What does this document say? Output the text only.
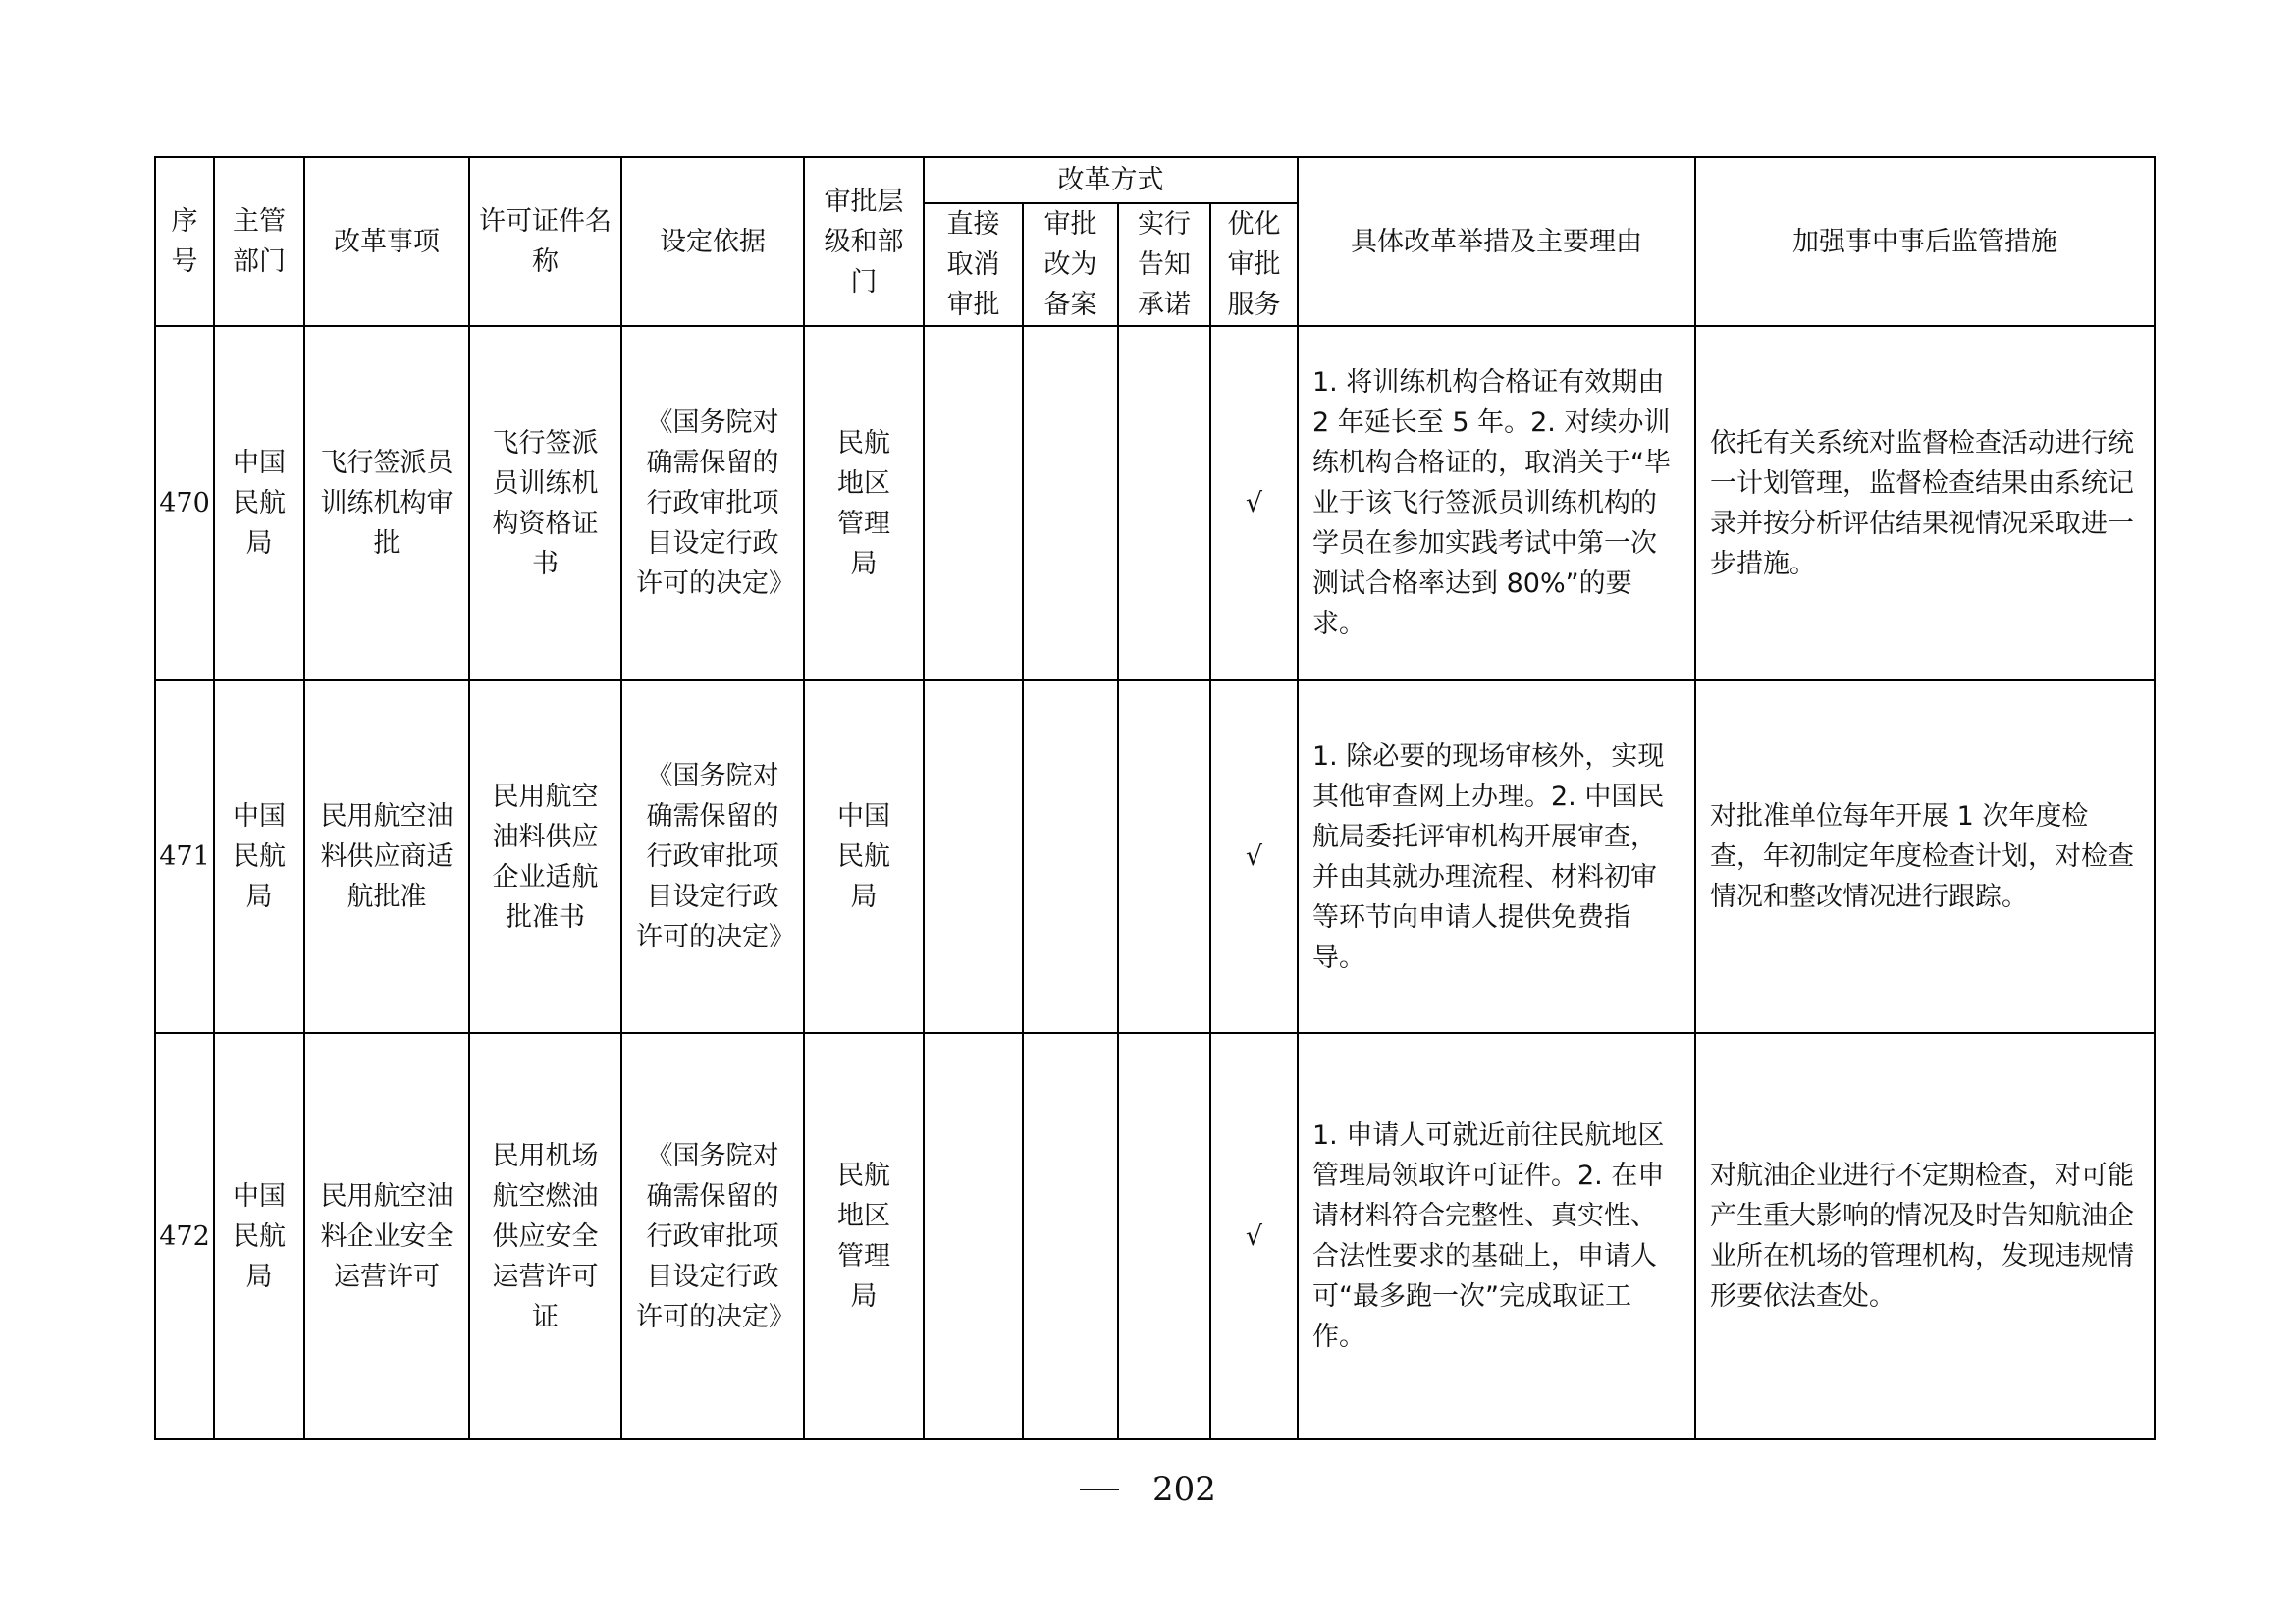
序号	主管部门	改革事项	许可证件名称	设定依据	审批层级和部门	改革方式				具体改革举措及主要理由	加强事中事后监管措施
						直接取消审批	审批改为备案	实行告知承诺	优化审批服务		
470	中国民航局	飞行签派员训练机构审批	飞行签派员训练机构资格证书	《国务院对确需保留的行政审批项目设定行政许可的决定》	民航地区管理局				√	1. 将训练机构合格证有效期由 2 年延长至 5 年。2. 对续办训练机构合格证的，取消关于“毕业于该飞行签派员训练机构的学员在参加实践考试中第一次测试合格率达到 80%”的要求。	依托有关系统对监督检查活动进行统一计划管理，监督检查结果由系统记录并按分析评估结果视情况采取进一步措施。
471	中国民航局	民用航空油料供应商适航批准	民用航空油料供应企业适航批准书	《国务院对确需保留的行政审批项目设定行政许可的决定》	中国民航局				√	1. 除必要的现场审核外，实现其他审查网上办理。2. 中国民航局委托评审机构开展审查，并由其就办理流程、材料初审等环节向申请人提供免费指导。	对批准单位每年开展 1 次年度检查，年初制定年度检查计划，对检查情况和整改情况进行跟踪。
472	中国民航局	民用航空油料企业安全运营许可	民用机场航空燃油供应安全运营许可证	《国务院对确需保留的行政审批项目设定行政许可的决定》	民航地区管理局				√	1. 申请人可就近前往民航地区管理局领取许可证件。2. 在申请材料符合完整性、真实性、合法性要求的基础上，申请人可“最多跑一次”完成取证工作。	对航油企业进行不定期检查，对可能产生重大影响的情况及时告知航油企业所在机场的管理机构，发现违规情形要依法查处。
202
